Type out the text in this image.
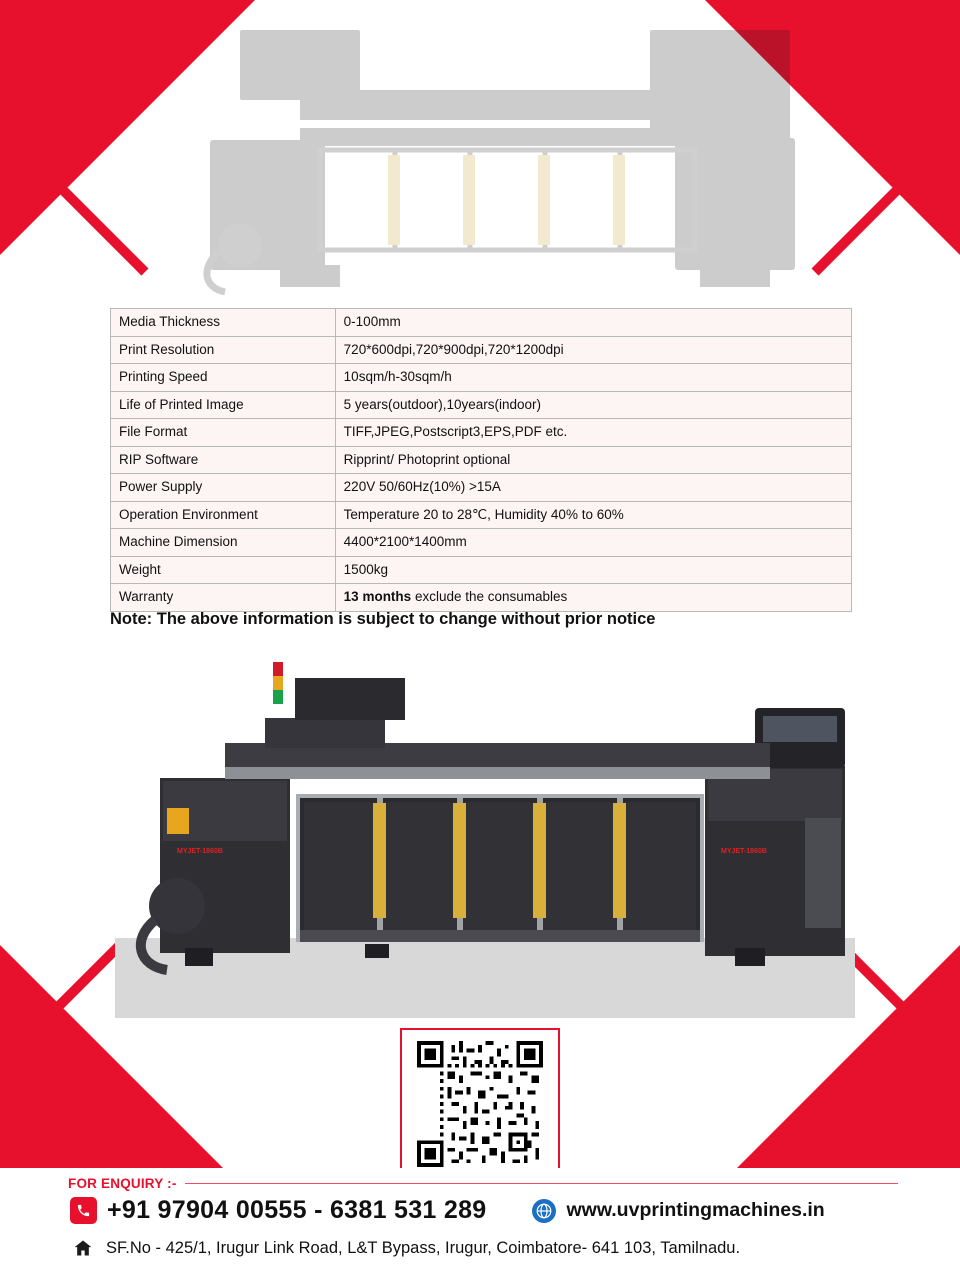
Media Thickness	0-100mm
Print Resolution	720*600dpi,720*900dpi,720*1200dpi
Printing Speed	10sqm/h-30sqm/h
Life of Printed Image	5 years(outdoor),10years(indoor)
File Format	TIFF,JPEG,Postscript3,EPS,PDF etc.
RIP Software	Ripprint/ Photoprint optional
Power Supply	220V 50/60Hz(10%) >15A
Operation Environment	Temperature 20 to 28℃, Humidity 40% to 60%
Machine Dimension	4400*2100*1400mm
Weight	1500kg
Warranty	13 months exclude the consumables
Note: The above information is subject to change without prior notice
MYJET-1860B	MYJET-1860B
FOR ENQUIRY :-
+91 97904 00555 - 6381 531 289	www.uvprintingmachines.in
SF.No - 425/1, Irugur Link Road, L&T Bypass, Irugur, Coimbatore- 641 103, Tamilnadu.
